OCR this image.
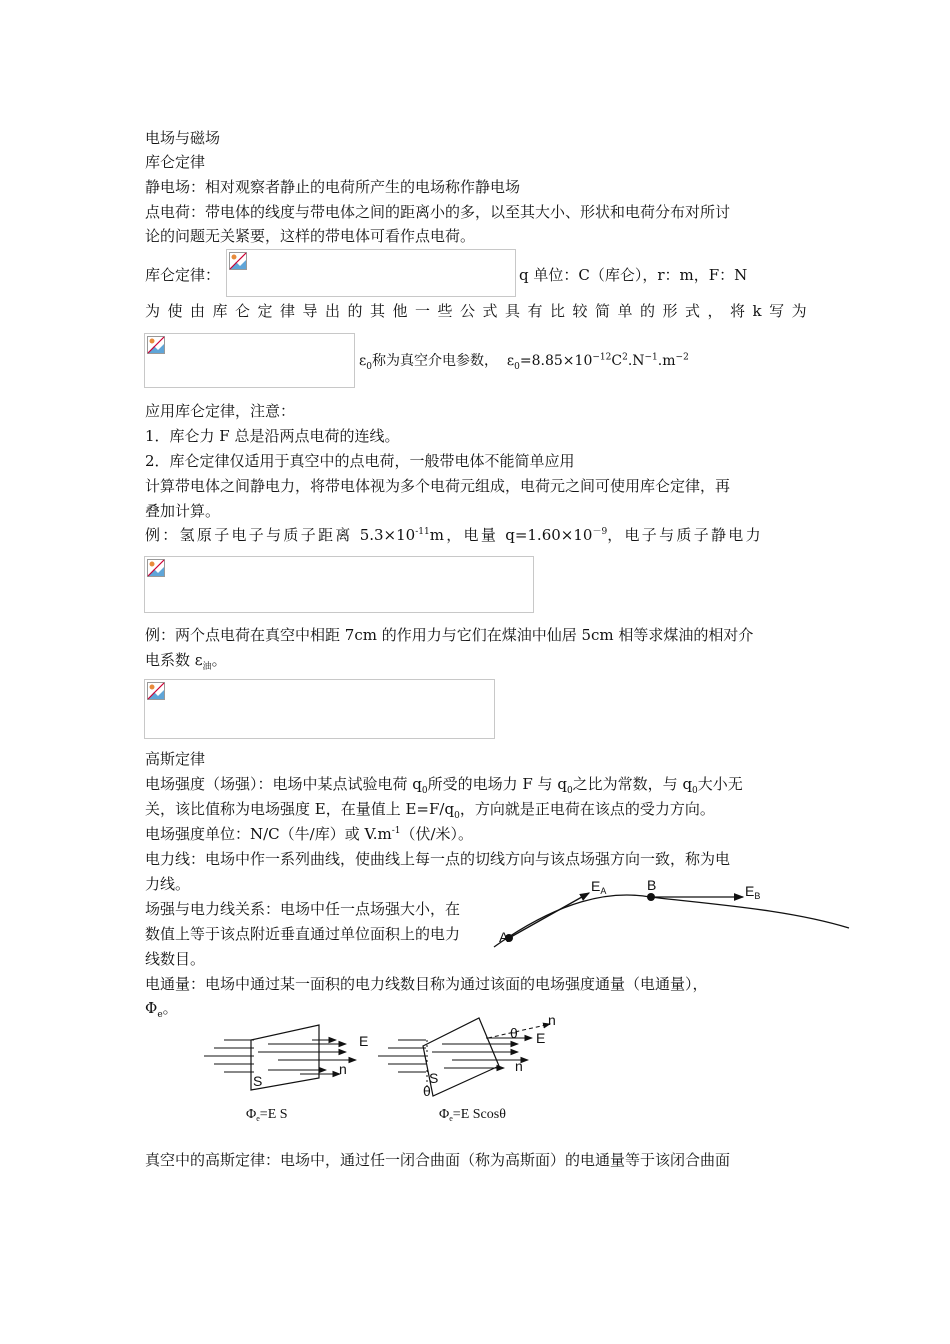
电场与磁场
库仑定律
静电场：相对观察者静止的电荷所产生的电场称作静电场
点电荷：带电体的线度与带电体之间的距离小的多，以至其大小、形状和电荷分布对所讨
论的问题无关紧要，这样的带电体可看作点电荷。
库仑定律：	q 单位：C（库仑），r：m，F：N
为 使 由 库 仑 定 律 导 出 的 其 他 一 些 公 式 具 有 比 较 简 单 的 形 式 ， 将 k 写 为
$\varepsilon_0$称为真空介电参数， $\varepsilon_0=8.85\times 10^{-12}C^2.N^{-1}.m^{-2}$
应用库仑定律，注意：
1．库仑力 F 总是沿两点电荷的连线。
2．库仑定律仅适用于真空中的点电荷，一般带电体不能简单应用
计算带电体之间静电力，将带电体视为多个电荷元组成，电荷元之间可使用库仑定律，再
叠加计算。
例：氢原子电子与质子距离 $5.3\times 10^{-11}m$，电量 $q=1.60\times 10^{-9}$，电子与质子静电力
例：两个点电荷在真空中相距 7cm 的作用力与它们在煤油中仙居 5cm 相等求煤油的相对介
电系数 $\varepsilon_油$。
高斯定律
电场强度（场强）：电场中某点试验电荷 $q_0$所受的电场力 F 与 $q_0$之比为常数，与 $q_0$大小无
关，该比值称为电场强度 E，在量值上 $E=F/q_0$，方向就是正电荷在该点的受力方向。
电场强度单位：N/C（牛/库）或 $V.m^{-1}$（伏/米）。
电力线：电场中作一系列曲线，使曲线上每一点的切线方向与该点场强方向一致，称为电
力线。
场强与电力线关系：电场中任一点场强大小，在
数值上等于该点附近垂直通过单位面积上的电力
线数目。
电通量：电场中通过某一面积的电力线数目称为通过该面的电场强度通量（电通量），
$\Phi_e$。
A
B
$E_A$	$E_B$
E
n
S
$\Phi_e=E$ S
E
n
n
θ
S
θ
$\Phi_e=E$ Scosθ
真空中的高斯定律：电场中，通过任一闭合曲面（称为高斯面）的电通量等于该闭合曲面
